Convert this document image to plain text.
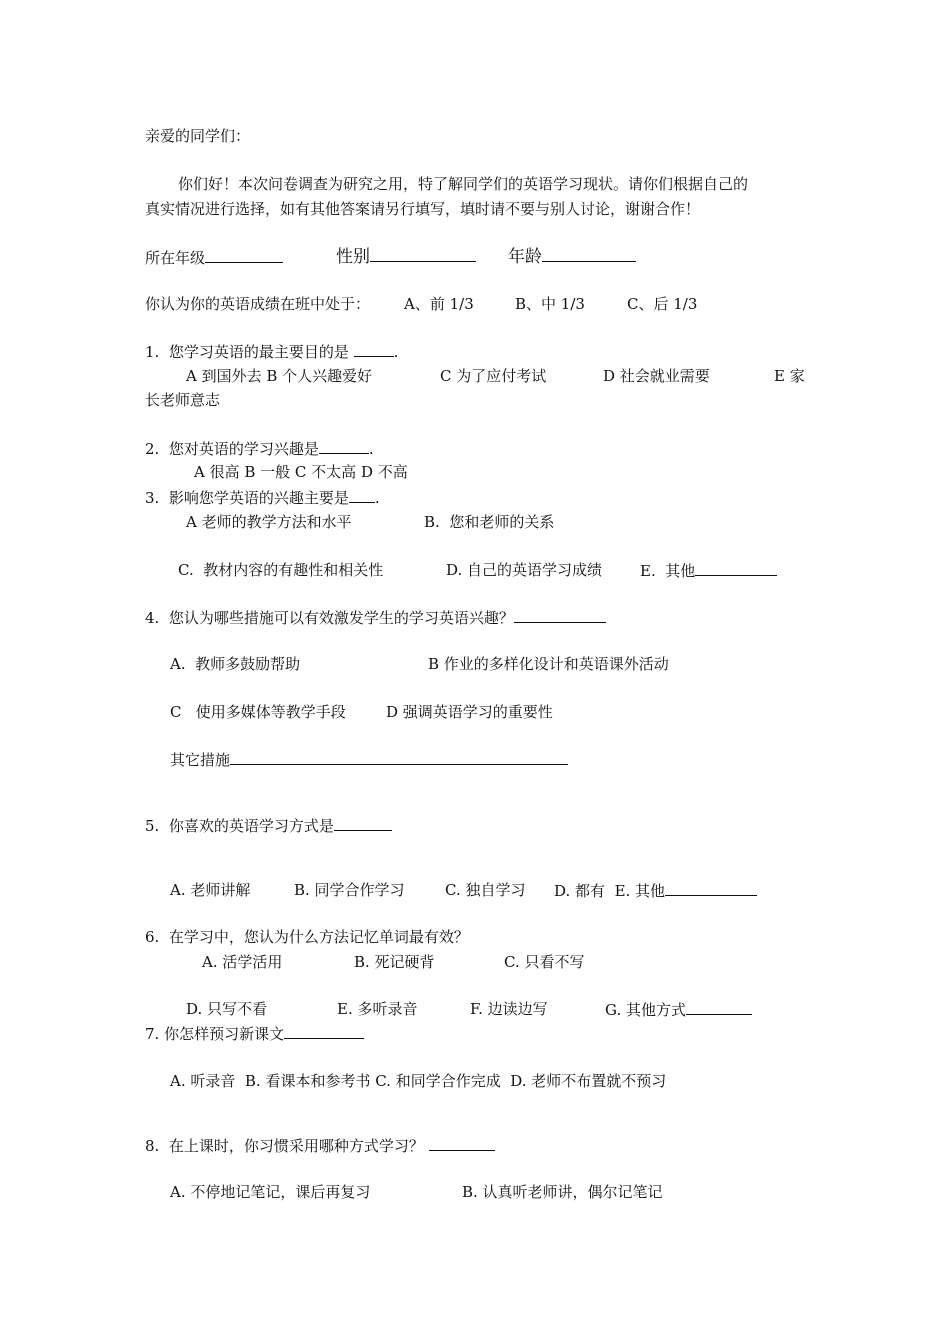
亲爱的同学们：
你们好！本次问卷调查为研究之用，特了解同学们的英语学习现状。请你们根据自己的
真实情况进行选择，如有其他答案请另行填写，填时请不要与别人讨论，谢谢合作！
所在年级	性别	年龄
你认为你的英语成绩在班中处于： A、前 1/3	B、中 1/3	C、后 1/3
1.  您学习英语的最主要目的是	.
A 到国外去 B 个人兴趣爱好	C 为了应付考试	D 社会就业需要	E 家
长老师意志
2.  您对英语的学习兴趣是	.
A 很高 B 一般 C 不太高 D 不高
3.  影响您学英语的兴趣主要是 .
A 老师的教学方法和水平	B.  您和老师的关系
C.  教材内容的有趣性和相关性	D. 自己的英语学习成绩	E.  其他
4.  您认为哪些措施可以有效激发学生的学习英语兴趣？
A.  教师多鼓励帮助	B 作业的多样化设计和英语课外活动
C   使用多媒体等教学手段	D 强调英语学习的重要性
其它措施
5.  你喜欢的英语学习方式是
A. 老师讲解	B. 同学合作学习	C. 独自学习 D. 都有  E. 其他
6.  在学习中，您认为什么方法记忆单词最有效？
A. 活学活用	B. 死记硬背	C. 只看不写
D. 只写不看	E. 多听录音	F. 边读边写	G. 其他方式
7. 你怎样预习新课文
A. 听录音  B. 看课本和参考书 C. 和同学合作完成  D. 老师不布置就不预习
8.  在上课时，你习惯采用哪种方式学习？
A. 不停地记笔记，课后再复习	B. 认真听老师讲，偶尔记笔记
